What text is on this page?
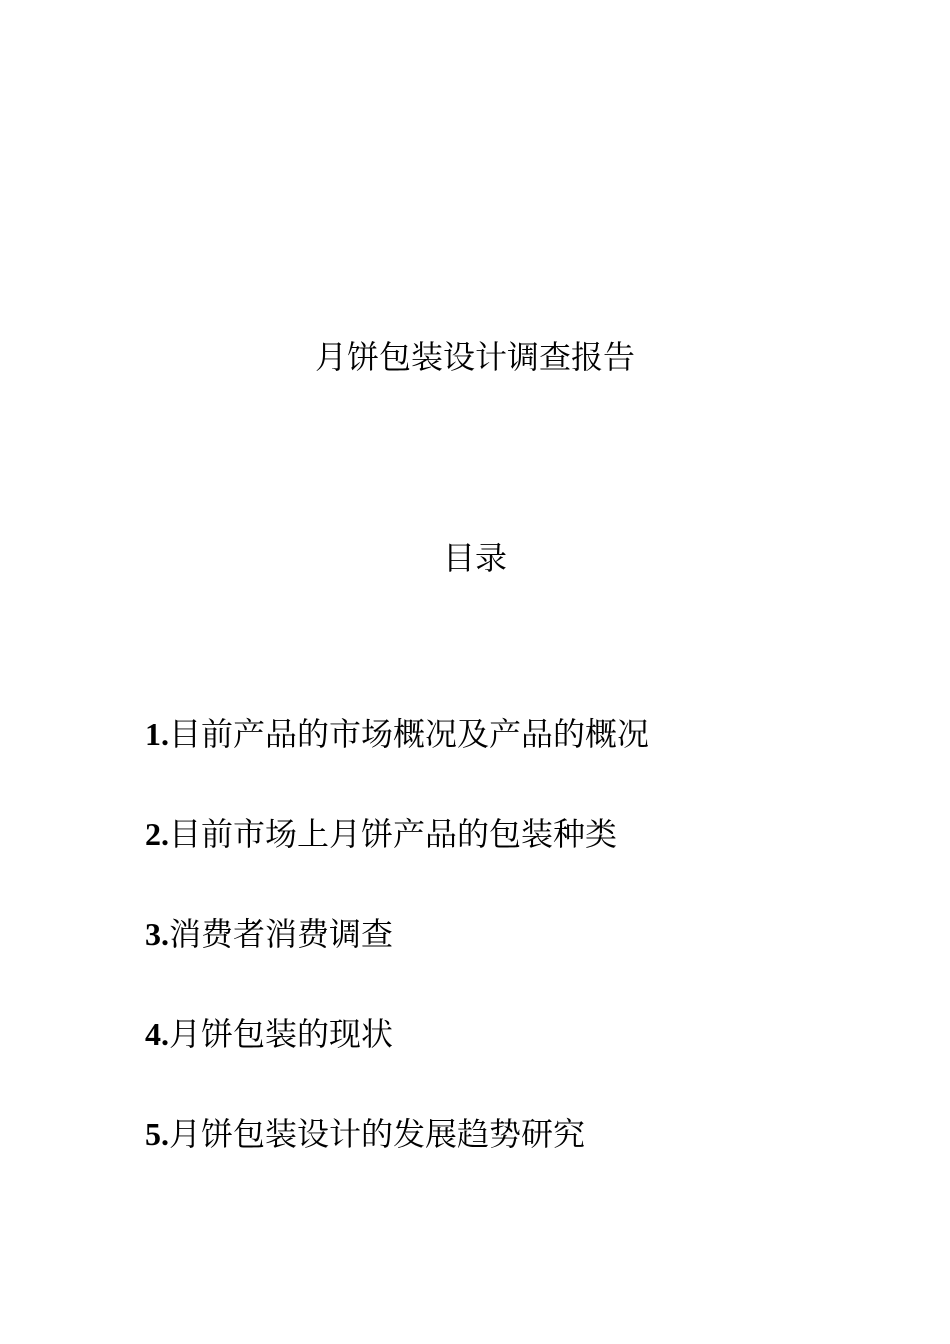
月饼包装设计调查报告
目录
1.目前产品的市场概况及产品的概况
2.目前市场上月饼产品的包装种类
3.消费者消费调查
4.月饼包装的现状
5.月饼包装设计的发展趋势研究
